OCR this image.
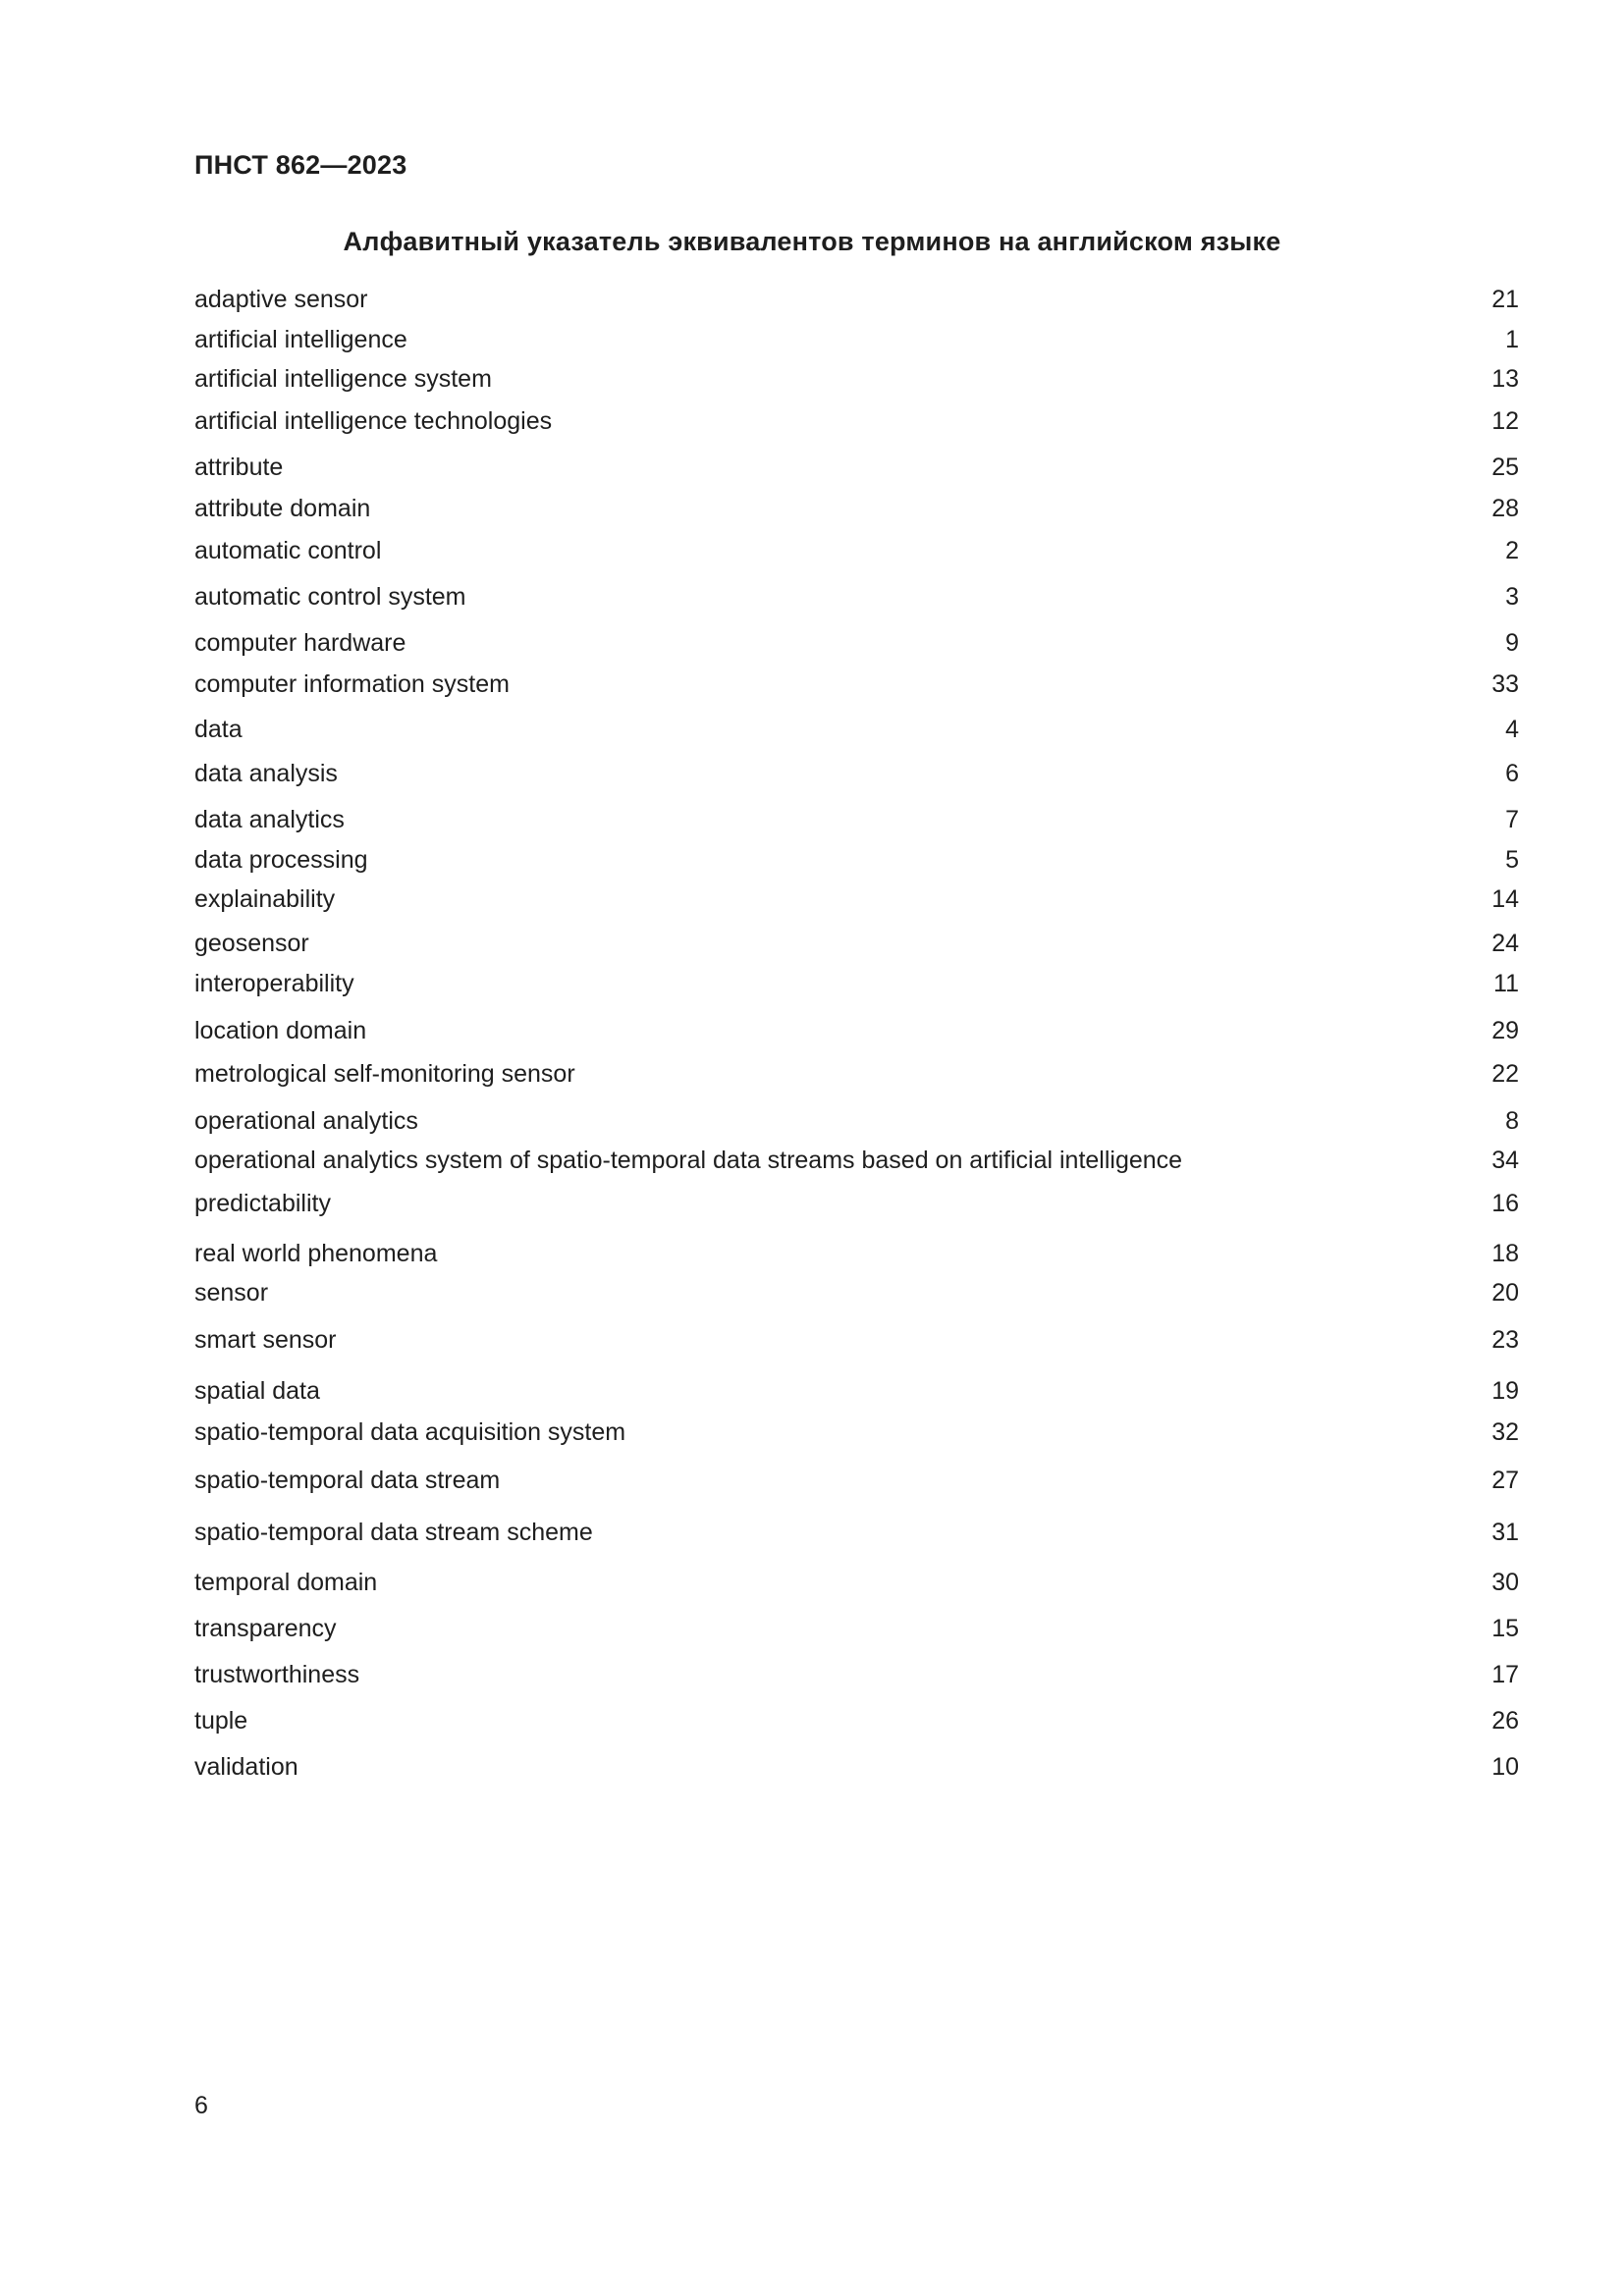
ПНСТ 862—2023

Алфавитный указатель эквивалентов терминов на английском языке
adaptive sensor	21
artificial intelligence	1
artificial intelligence system	13
artificial intelligence technologies	12
attribute	25
attribute domain	28
automatic control	2
automatic control system	3
computer hardware	9
computer information system	33
data	4
data analysis	6
data analytics	7
data processing	5
explainability	14
geosensor	24
interoperability	11
location domain	29
metrological self-monitoring sensor	22
operational analytics	8
operational analytics system of spatio-temporal data streams based on artificial intelligence	34
predictability	16
real world phenomena	18
sensor	20
smart sensor	23
spatial data	19
spatio-temporal data acquisition system	32
spatio-temporal data stream	27
spatio-temporal data stream scheme	31
temporal domain	30
transparency	15
trustworthiness	17
tuple	26
validation	10

6
